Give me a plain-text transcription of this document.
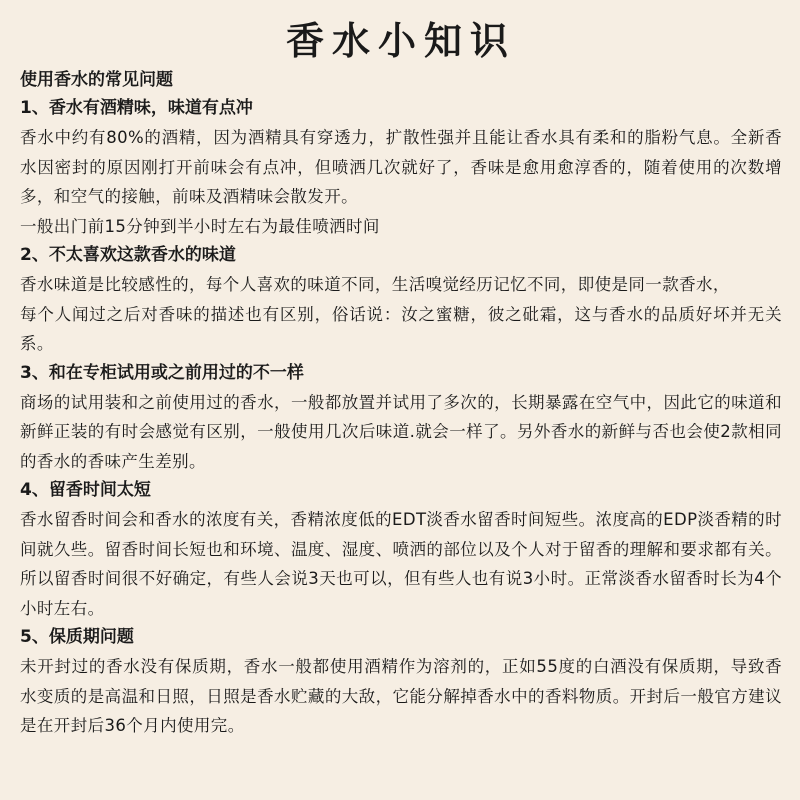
香水小知识

使用香水的常见问题

1、香水有酒精味，味道有点冲

香水中约有80%的酒精，因为酒精具有穿透力，扩散性强并且能让香水具有柔和的脂粉气息。全新香水因密封的原因刚打开前味会有点冲，但喷洒几次就好了，香味是愈用愈淳香的，随着使用的次数增多，和空气的接触，前味及酒精味会散发开。

一般出门前15分钟到半小时左右为最佳喷洒时间

2、不太喜欢这款香水的味道

香水味道是比较感性的，每个人喜欢的味道不同，生活嗅觉经历记忆不同，即使是同一款香水，

每个人闻过之后对香味的描述也有区别，俗话说：汝之蜜糖，彼之砒霜，这与香水的品质好坏并无关系。

3、和在专柜试用或之前用过的不一样

商场的试用装和之前使用过的香水，一般都放置并试用了多次的，长期暴露在空气中，因此它的味道和新鲜正装的有时会感觉有区别，一般使用几次后味道.就会一样了。另外香水的新鲜与否也会使2款相同的香水的香味产生差别。

4、留香时间太短

香水留香时间会和香水的浓度有关，香精浓度低的EDT淡香水留香时间短些。浓度高的EDP淡香精的时间就久些。留香时间长短也和环境、温度、湿度、喷洒的部位以及个人对于留香的理解和要求都有关。所以留香时间很不好确定，有些人会说3天也可以，但有些人也有说3小时。正常淡香水留香时长为4个小时左右。

5、保质期问题

未开封过的香水没有保质期，香水一般都使用酒精作为溶剂的，正如55度的白酒没有保质期，导致香水变质的是高温和日照，日照是香水贮藏的大敌，它能分解掉香水中的香料物质。开封后一般官方建议是在开封后36个月内使用完。
